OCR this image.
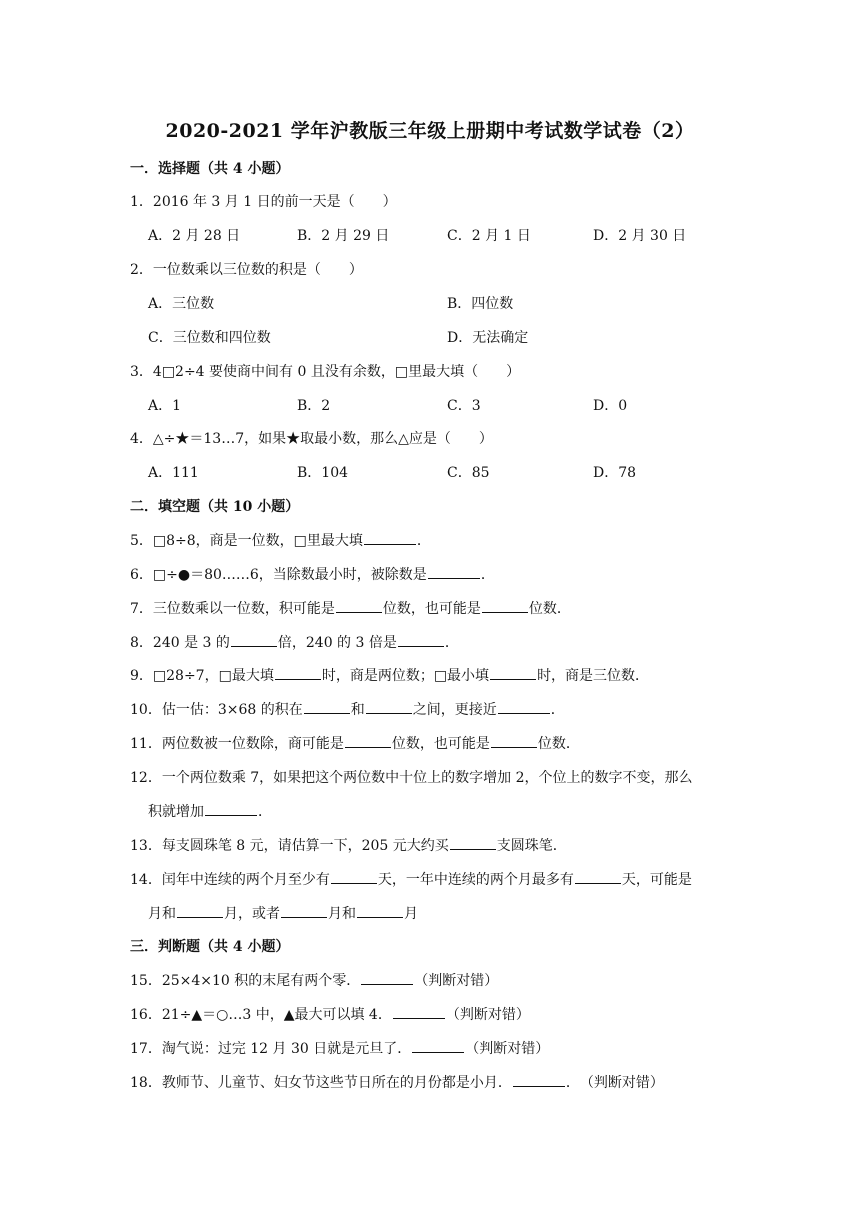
2020-2021 学年沪教版三年级上册期中考试数学试卷（2）
一．选择题（共 4 小题）
1．2016 年 3 月 1 日的前一天是（　　）
A．2 月 28 日	B．2 月 29 日	C．2 月 1 日	D．2 月 30 日
2．一位数乘以三位数的积是（　　）
A．三位数	B．四位数
C．三位数和四位数	D．无法确定
3．4□2÷4 要使商中间有 0 且没有余数，□里最大填（　　）
A．1	B．2	C．3	D．0
4．△÷★＝13…7，如果★取最小数，那么△应是（　　）
A．111	B．104	C．85	D．78
二．填空题（共 10 小题）
5．□8÷8，商是一位数，□里最大填	．
6．□÷●＝80……6，当除数最小时，被除数是	．
7．三位数乘以一位数，积可能是	位数，也可能是	位数．
8．240 是 3 的	倍，240 的 3 倍是	．
9．□28÷7，□最大填	时，商是两位数；□最小填	时，商是三位数．
10．估一估：3×68 的积在	和	之间，更接近	．
11．两位数被一位数除，商可能是	位数，也可能是	位数．
12．一个两位数乘 7，如果把这个两位数中十位上的数字增加 2，个位上的数字不变，那么
积就增加	．
13．每支圆珠笔 8 元，请估算一下，205 元大约买	支圆珠笔．
14．闰年中连续的两个月至少有	天，一年中连续的两个月最多有	天，可能是
月和	月，或者	月和	月
三．判断题（共 4 小题）
15．25×4×10 积的末尾有两个零．	（判断对错）
16．21÷▲＝○…3 中，▲最大可以填 4．	（判断对错）
17．淘气说：过完 12 月 30 日就是元旦了．	（判断对错）
18．教师节、儿童节、妇女节这些节日所在的月份都是小月．	．　（判断对错）
